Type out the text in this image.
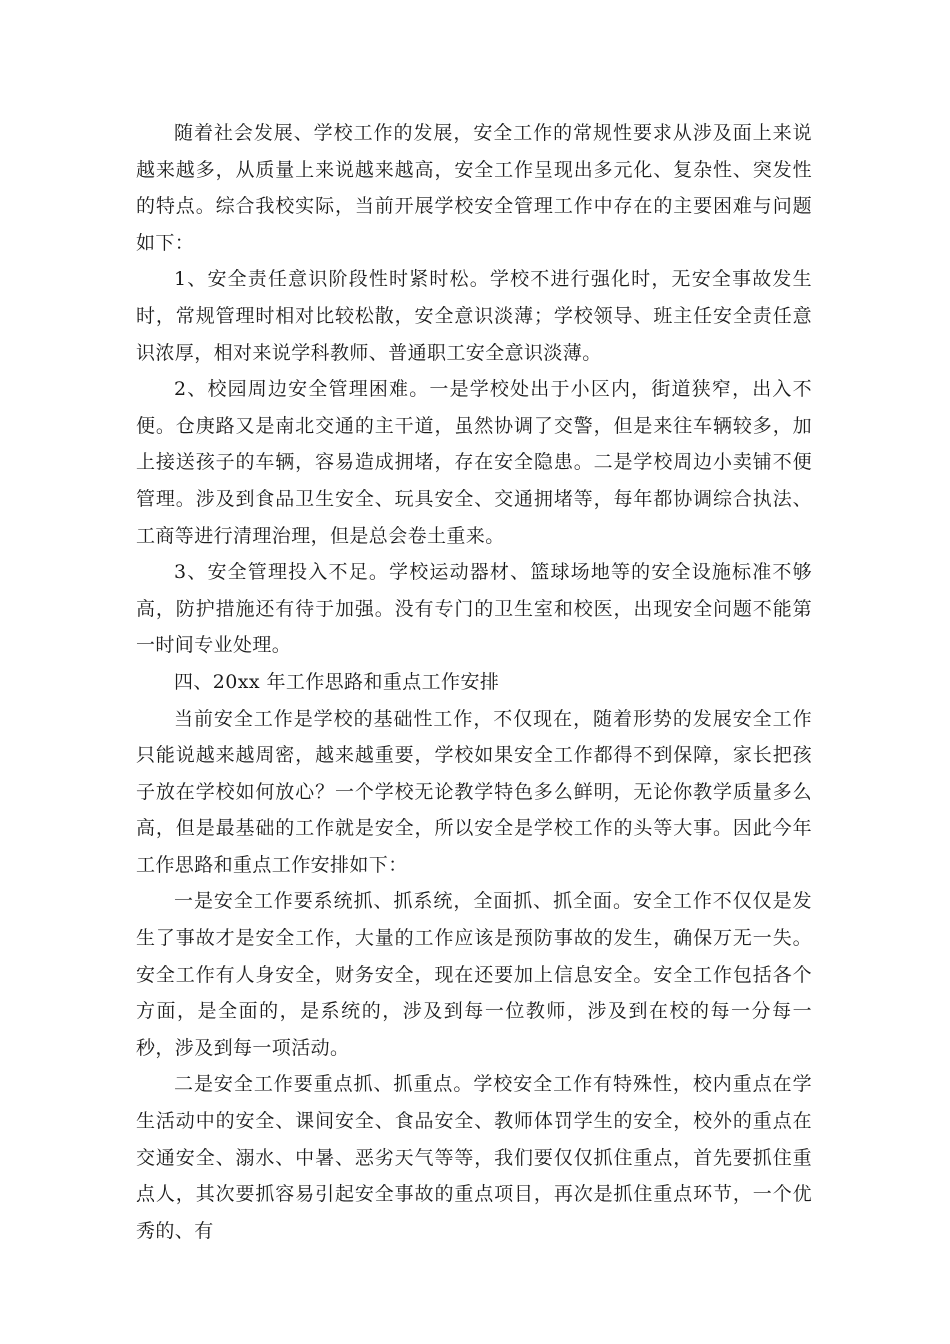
随着社会发展、学校工作的发展，安全工作的常规性要求从涉及面上来说越来越多，从质量上来说越来越高，安全工作呈现出多元化、复杂性、突发性的特点。综合我校实际，当前开展学校安全管理工作中存在的主要困难与问题如下：

1、安全责任意识阶段性时紧时松。学校不进行强化时，无安全事故发生时，常规管理时相对比较松散，安全意识淡薄；学校领导、班主任安全责任意识浓厚，相对来说学科教师、普通职工安全意识淡薄。

2、校园周边安全管理困难。一是学校处出于小区内，街道狭窄，出入不便。仓庚路又是南北交通的主干道，虽然协调了交警，但是来往车辆较多，加上接送孩子的车辆，容易造成拥堵，存在安全隐患。二是学校周边小卖铺不便管理。涉及到食品卫生安全、玩具安全、交通拥堵等，每年都协调综合执法、工商等进行清理治理，但是总会卷土重来。

3、安全管理投入不足。学校运动器材、篮球场地等的安全设施标准不够高，防护措施还有待于加强。没有专门的卫生室和校医，出现安全问题不能第一时间专业处理。

四、20xx 年工作思路和重点工作安排

当前安全工作是学校的基础性工作，不仅现在，随着形势的发展安全工作只能说越来越周密，越来越重要，学校如果安全工作都得不到保障，家长把孩子放在学校如何放心？一个学校无论教学特色多么鲜明，无论你教学质量多么高，但是最基础的工作就是安全，所以安全是学校工作的头等大事。因此今年工作思路和重点工作安排如下：

一是安全工作要系统抓、抓系统，全面抓、抓全面。安全工作不仅仅是发生了事故才是安全工作，大量的工作应该是预防事故的发生，确保万无一失。安全工作有人身安全，财务安全，现在还要加上信息安全。安全工作包括各个方面，是全面的，是系统的，涉及到每一位教师，涉及到在校的每一分每一秒，涉及到每一项活动。

二是安全工作要重点抓、抓重点。学校安全工作有特殊性，校内重点在学生活动中的安全、课间安全、食品安全、教师体罚学生的安全，校外的重点在交通安全、溺水、中暑、恶劣天气等等，我们要仅仅抓住重点，首先要抓住重点人，其次要抓容易引起安全事故的重点项目，再次是抓住重点环节，一个优秀的、有
